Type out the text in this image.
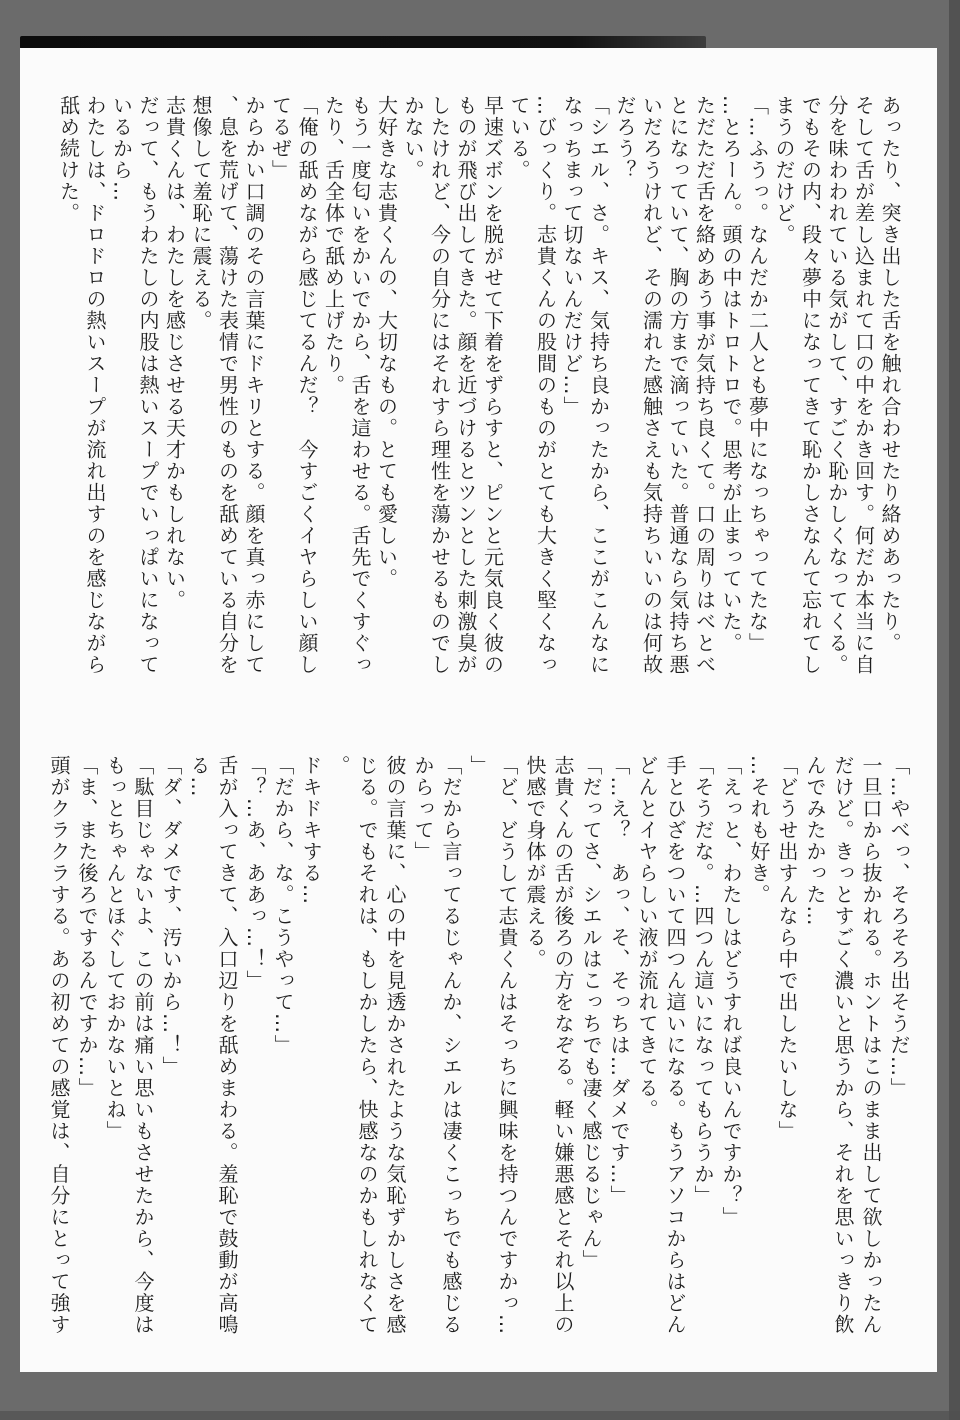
あったり、突き出した舌を触れ合わせたり絡めあったり。
そして舌が差し込まれて口の中をかき回す。何だか本当に自
分を味わわれている気がして、すごく恥かしくなってくる。
でもその内、段々夢中になってきて恥かしさなんて忘れてし
まうのだけど。
「…ふうっ。なんだか二人とも夢中になっちゃってたな」
…とろーん。頭の中はトロトロで。思考が止まっていた。
ただただ舌を絡めあう事が気持ち良くて。口の周りはべとべ
とになっていて、胸の方まで滴っていた。普通なら気持ち悪
いだろうけれど、その濡れた感触さえも気持ちいいのは何故
だろう？
「シエル、さ。キス、気持ち良かったから、ここがこんなに
なっちまって切ないんだけど…」
…びっくり。志貴くんの股間のものがとても大きく堅くなっ
ている。
早速ズボンを脱がせて下着をずらすと、ピンと元気良く彼の
ものが飛び出してきた。顔を近づけるとツンとした刺激臭が
したけれど、今の自分にはそれすら理性を蕩かせるものでし
かない。
大好きな志貴くんの、大切なもの。とても愛しい。
もう一度匂いをかいでから、舌を這わせる。舌先でくすぐっ
たり、舌全体で舐め上げたり。
「俺の舐めながら感じてるんだ？　今すごくイヤらしい顔し
てるぜ」
からかい口調のその言葉にドキリとする。顔を真っ赤にして
、息を荒げて、蕩けた表情で男性のものを舐めている自分を
想像して羞恥に震える。
志貴くんは、わたしを感じさせる天才かもしれない。
だって、もうわたしの内股は熱いスープでいっぱいになって
いるから…
わたしは、ドロドロの熱いスープが流れ出すのを感じながら
舐め続けた。
「…やべっ、そろそろ出そうだ…」
一旦口から抜かれる。ホントはこのまま出して欲しかったん
だけど。きっとすごく濃いと思うから、それを思いっきり飲
んでみたかった…
「どうせ出すんなら中で出したいしな」
…それも好き。
「えっと、わたしはどうすれば良いんですか？」
「そうだな。…四つん這いになってもらうか」
手とひざをついて四つん這いになる。もうアソコからはどん
どんとイヤらしい液が流れてきてる。
「…え？　あっ、そ、そっちは…ダメです…」
「だってさ、シエルはこっちでも凄く感じるじゃん」
志貴くんの舌が後ろの方をなぞる。軽い嫌悪感とそれ以上の
快感で身体が震える。
「ど、どうして志貴くんはそっちに興味を持つんですかっ…
」
「だから言ってるじゃんか、シエルは凄くこっちでも感じる
からって」
彼の言葉に、心の中を見透かされたような気恥ずかしさを感
じる。でもそれは、もしかしたら、快感なのかもしれなくて
。
ドキドキする…
「だから、な。こうやって…」
「？…あ、ああっ…！」
舌が入ってきて、入口辺りを舐めまわる。羞恥で鼓動が高鳴
る…
「ダ、ダメです、汚いから…！」
「駄目じゃないよ、この前は痛い思いもさせたから、今度は
もっとちゃんとほぐしておかないとね」
「ま、また後ろでするんですか…」
頭がクラクラする。あの初めての感覚は、自分にとって強す
